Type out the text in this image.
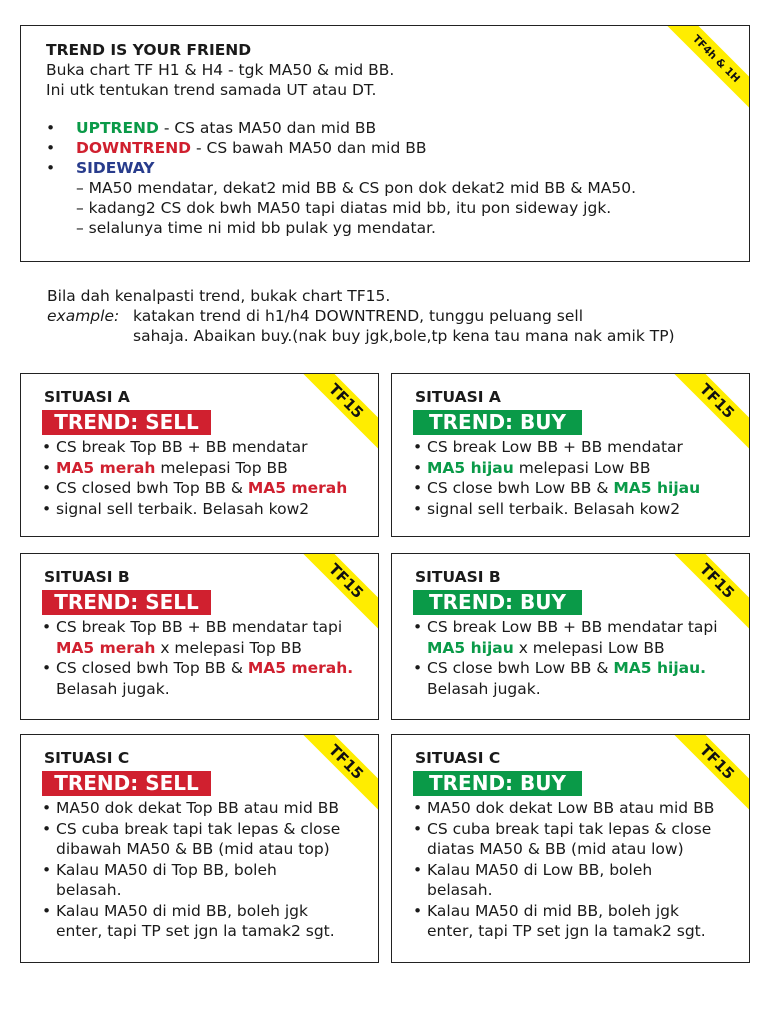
TF4h & 1H
TREND IS YOUR FRIEND
Buka chart TF H1 & H4 - tgk MA50 & mid BB.
Ini utk tentukan trend samada UT atau DT.
• UPTREND - CS atas MA50 dan mid BB
• DOWNTREND - CS bawah MA50 dan mid BB
• SIDEWAY
– MA50 mendatar, dekat2 mid BB & CS pon dok dekat2 mid BB & MA50.
– kadang2 CS dok bwh MA50 tapi diatas mid bb, itu pon sideway jgk.
– selalunya time ni mid bb pulak yg mendatar.
Bila dah kenalpasti trend, bukak chart TF15.
example: katakan trend di h1/h4 DOWNTREND, tunggu peluang sell
sahaja. Abaikan buy.(nak buy jgk,bole,tp kena tau mana nak amik TP)
TF15
SITUASI A
TREND: SELL
• CS break Top BB + BB mendatar
• MA5 merah melepasi Top BB
• CS closed bwh Top BB & MA5 merah
• signal sell terbaik. Belasah kow2
TF15
SITUASI A
TREND: BUY
• CS break Low BB + BB mendatar
• MA5 hijau melepasi Low BB
• CS close bwh Low BB & MA5 hijau
• signal sell terbaik. Belasah kow2
TF15
SITUASI B
TREND: SELL
• CS break Top BB + BB mendatar tapi
MA5 merah x melepasi Top BB
• CS closed bwh Top BB & MA5 merah.
Belasah jugak.
TF15
SITUASI B
TREND: BUY
• CS break Low BB + BB mendatar tapi
MA5 hijau x melepasi Low BB
• CS close bwh Low BB & MA5 hijau.
Belasah jugak.
TF15
SITUASI C
TREND: SELL
• MA50 dok dekat Top BB atau mid BB
• CS cuba break tapi tak lepas & close
dibawah MA50 & BB (mid atau top)
• Kalau MA50 di Top BB, boleh
belasah.
• Kalau MA50 di mid BB, boleh jgk
enter, tapi TP set jgn la tamak2 sgt.
TF15
SITUASI C
TREND: BUY
• MA50 dok dekat Low BB atau mid BB
• CS cuba break tapi tak lepas & close
diatas MA50 & BB (mid atau low)
• Kalau MA50 di Low BB, boleh
belasah.
• Kalau MA50 di mid BB, boleh jgk
enter, tapi TP set jgn la tamak2 sgt.
